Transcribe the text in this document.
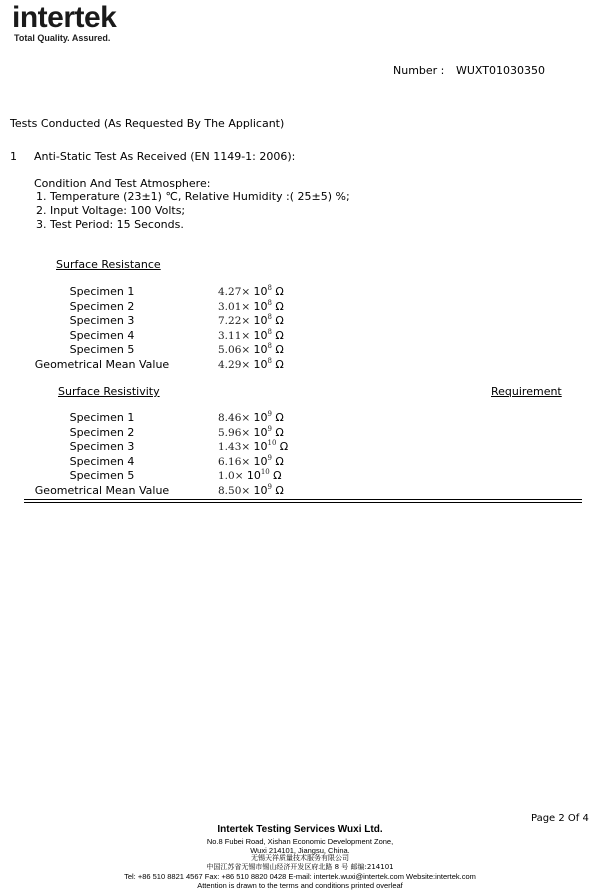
intertek
Total Quality. Assured.
Number : WUXT01030350
Tests Conducted (As Requested By The Applicant)
1 Anti-Static Test As Received (EN 1149-1: 2006):
Condition And Test Atmosphere:
1. Temperature (23±1) ℃, Relative Humidity :( 25±5) %;
2. Input Voltage: 100 Volts;
3. Test Period: 15 Seconds.
Surface Resistance
Specimen 1	$4.27\times 10^8$ Ω
Specimen 2	$3.01\times 10^8$ Ω
Specimen 3	$7.22\times 10^8$ Ω
Specimen 4	$3.11\times 10^8$ Ω
Specimen 5	$5.06\times 10^8$ Ω
Geometrical Mean Value	$4.29\times 10^8$ Ω
Surface Resistivity	Requirement
Specimen 1	$8.46\times 10^9$ Ω
Specimen 2	$5.96\times 10^9$ Ω
Specimen 3	$1.43\times 10^{10}$ Ω
Specimen 4	$6.16\times 10^9$ Ω
Specimen 5	$1.0\times 10^{10}$ Ω
Geometrical Mean Value	$8.50\times 10^9$ Ω
Page 2 Of 4
Intertek Testing Services Wuxi Ltd.
No.8 Fubei Road, Xishan Economic Development Zone,
Wuxi 214101, Jiangsu, China.
无锡天祥质量技术服务有限公司
中国江苏省无锡市锡山经济开发区府北路 8 号 邮编:214101
Tel: +86 510 8821 4567 Fax: +86 510 8820 0428 E-mail: intertek.wuxi@intertek.com Website:intertek.com
Attention is drawn to the terms and conditions printed overleaf
